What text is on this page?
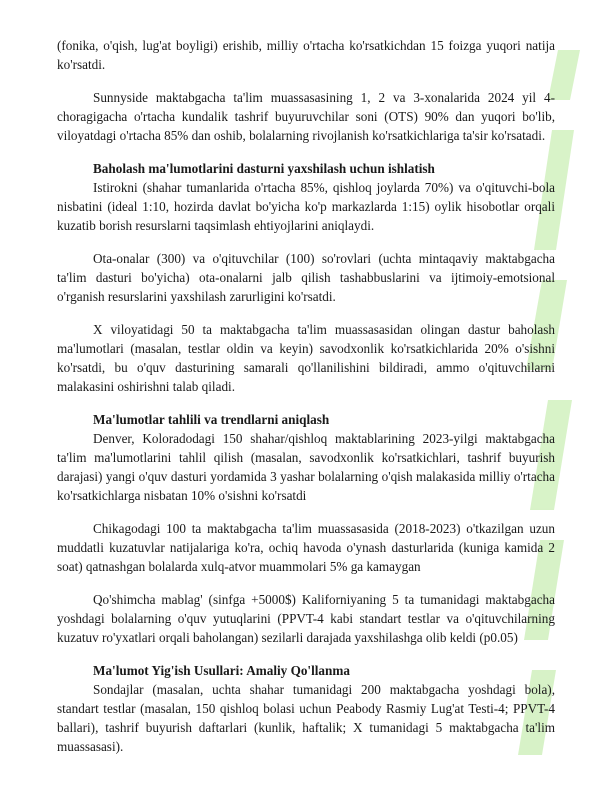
(fonika, o'qish, lug'at boyligi) erishib, milliy o'rtacha ko'rsatkichdan 15 foizga yuqori natija ko'rsatdi.

Sunnyside maktabgacha ta'lim muassasasining 1, 2 va 3-xonalarida 2024 yil 4-choragigacha o'rtacha kundalik tashrif buyuruvchilar soni (OTS) 90% dan yuqori bo'lib, viloyatdagi o'rtacha 85% dan oshib, bolalarning rivojlanish ko'rsatkichlariga ta'sir ko'rsatadi.

Baholash ma'lumotlarini dasturni yaxshilash uchun ishlatish

Istirokni (shahar tumanlarida o'rtacha 85%, qishloq joylarda 70%) va o'qituvchi-bola nisbatini (ideal 1:10, hozirda davlat bo'yicha ko'p markazlarda 1:15) oylik hisobotlar orqali kuzatib borish resurslarni taqsimlash ehtiyojlarini aniqlaydi.

Ota-onalar (300) va o'qituvchilar (100) so'rovlari (uchta mintaqaviy maktabgacha ta'lim dasturi bo'yicha) ota-onalarni jalb qilish tashabbuslarini va ijtimoiy-emotsional o'rganish resurslarini yaxshilash zarurligini ko'rsatdi.

X viloyatidagi 50 ta maktabgacha ta'lim muassasasidan olingan dastur baholash ma'lumotlari (masalan, testlar oldin va keyin) savodxonlik ko'rsatkichlarida 20% o'sishni ko'rsatdi, bu o'quv dasturining samarali qo'llanilishini bildiradi, ammo o'qituvchilarni malakasini oshirishni talab qiladi.

Ma'lumotlar tahlili va trendlarni aniqlash

Denver, Koloradodagi 150 shahar/qishloq maktablarining 2023-yilgi maktabgacha ta'lim ma'lumotlarini tahlil qilish (masalan, savodxonlik ko'rsatkichlari, tashrif buyurish darajasi) yangi o'quv dasturi yordamida 3 yashar bolalarning o'qish malakasida milliy o'rtacha ko'rsatkichlarga nisbatan 10% o'sishni ko'rsatdi

Chikagodagi 100 ta maktabgacha ta'lim muassasasida (2018-2023) o'tkazilgan uzun muddatli kuzatuvlar natijalariga ko'ra, ochiq havoda o'ynash dasturlarida (kuniga kamida 2 soat) qatnashgan bolalarda xulq-atvor muammolari 5% ga kamaygan

Qo'shimcha mablag' (sinfga +5000$) Kaliforniyaning 5 ta tumanidagi maktabgacha yoshdagi bolalarning o'quv yutuqlarini (PPVT-4 kabi standart testlar va o'qituvchilarning kuzatuv ro'yxatlari orqali baholangan) sezilarli darajada yaxshilashga olib keldi (p0.05)

Ma'lumot Yig'ish Usullari: Amaliy Qo'llanma

Sondajlar (masalan, uchta shahar tumanidagi 200 maktabgacha yoshdagi bola), standart testlar (masalan, 150 qishloq bolasi uchun Peabody Rasmiy Lug'at Testi-4; PPVT-4 ballari), tashrif buyurish daftarlari (kunlik, haftalik; X tumanidagi 5 maktabgacha ta'lim muassasasi).
